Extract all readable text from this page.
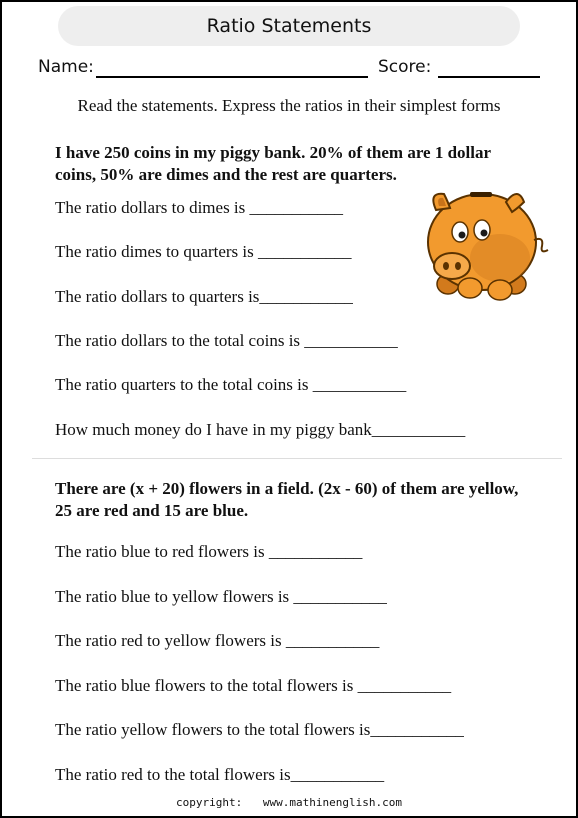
Ratio Statements
Name:	Score:
Read the statements. Express the ratios in their simplest forms
I have 250 coins in my piggy bank. 20% of them are 1 dollar
coins, 50% are dimes and the rest are quarters.
The ratio dollars to dimes is ___________
The ratio dimes to quarters is ___________
The ratio dollars to quarters is___________
The ratio dollars to the total coins is ___________
The ratio quarters to the total coins is ___________
How much money do I have in my piggy bank___________
There are (x + 20) flowers in a field. (2x - 60) of them are yellow,
25 are red and 15 are blue.
The ratio blue to red flowers is ___________
The ratio blue to yellow flowers is ___________
The ratio red to yellow flowers is ___________
The ratio blue flowers to the total flowers is ___________
The ratio yellow flowers to the total flowers is___________
The ratio red to the total flowers is___________
copyright: www.mathinenglish.com
